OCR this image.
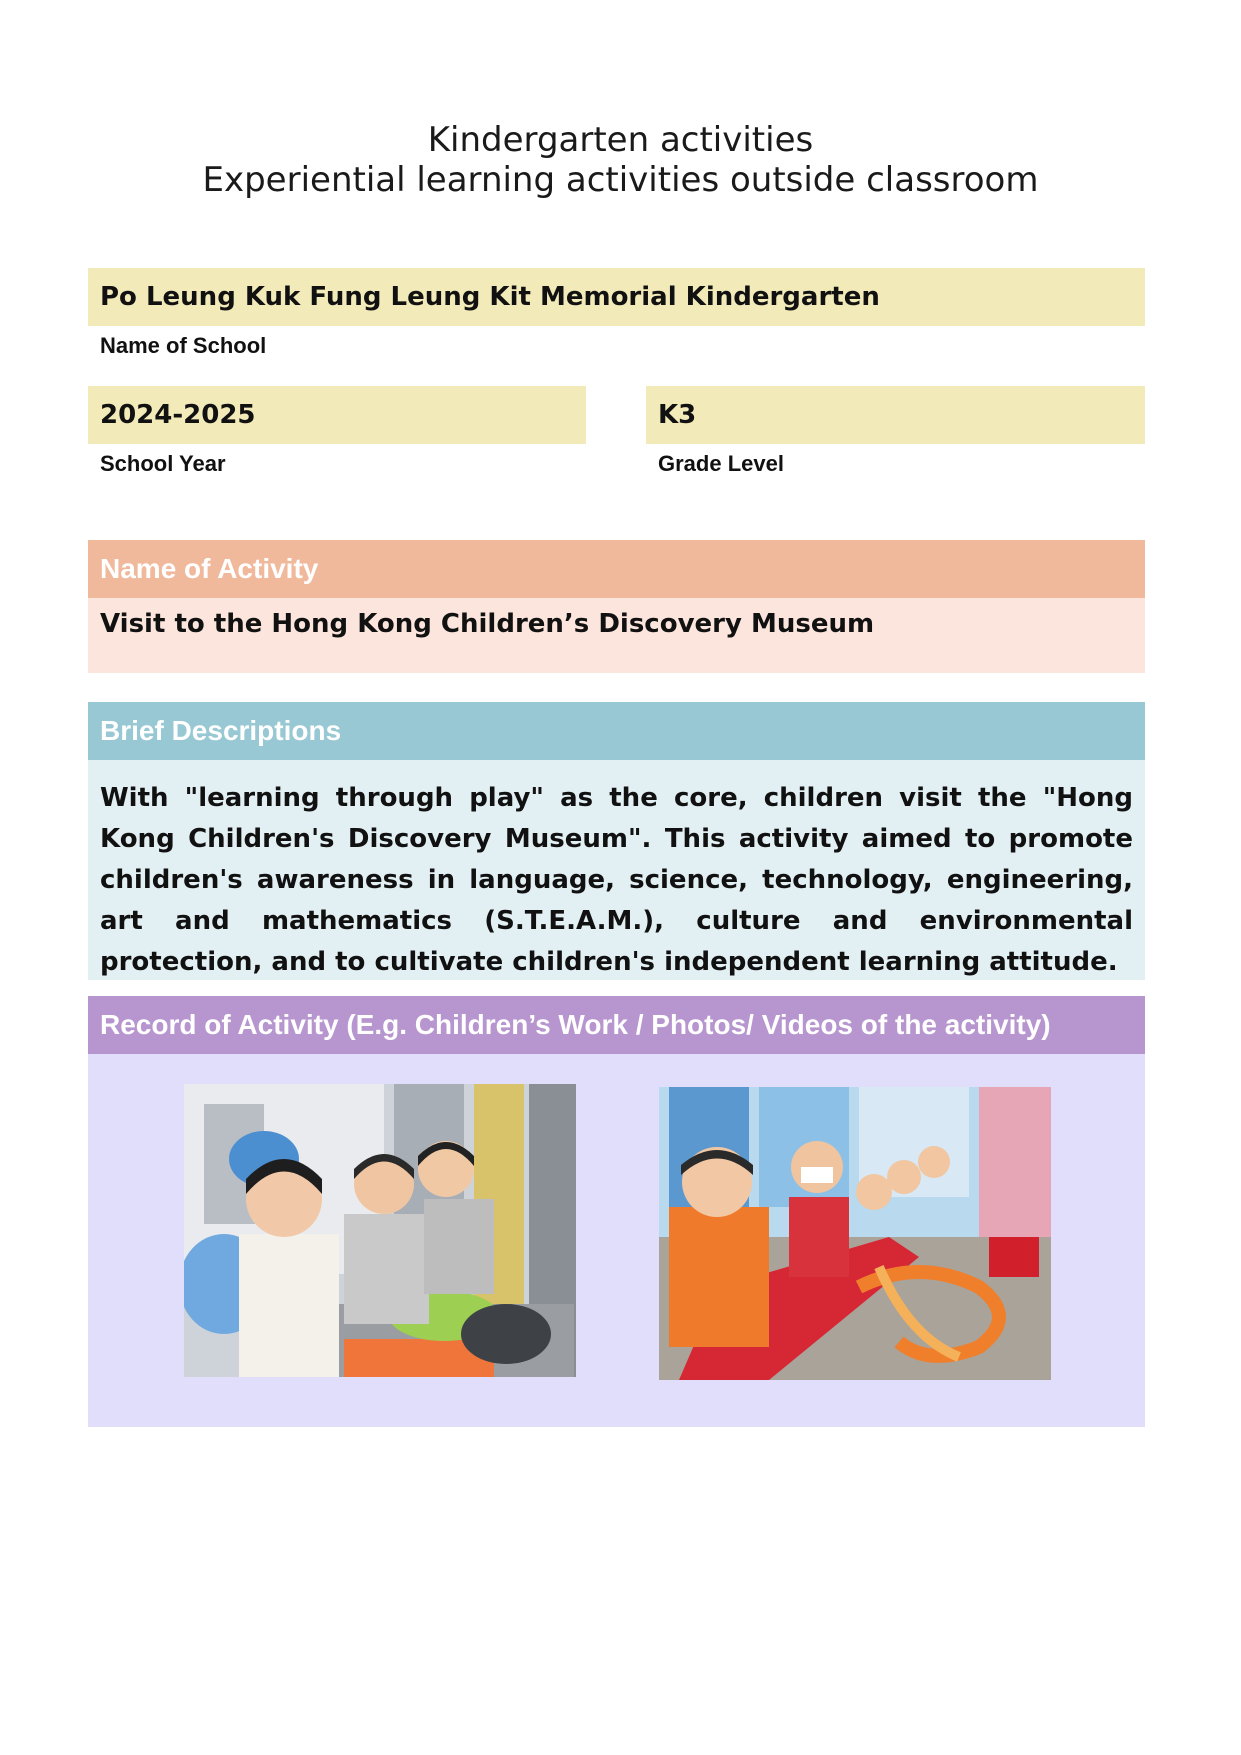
Kindergarten activities
Experiential learning activities outside classroom
Po Leung Kuk Fung Leung Kit Memorial Kindergarten
Name of School
2024-2025
School Year
K3
Grade Level
Name of Activity
Visit to the Hong Kong Children’s Discovery Museum
Brief Descriptions
With "learning through play" as the core, children visit the "Hong Kong Children's Discovery Museum". This activity aimed to promote children's awareness in language, science, technology, engineering, art and mathematics (S.T.E.A.M.), culture and environmental protection, and to cultivate children's independent learning attitude.
Record of Activity (E.g. Children’s Work / Photos/ Videos of the activity)
